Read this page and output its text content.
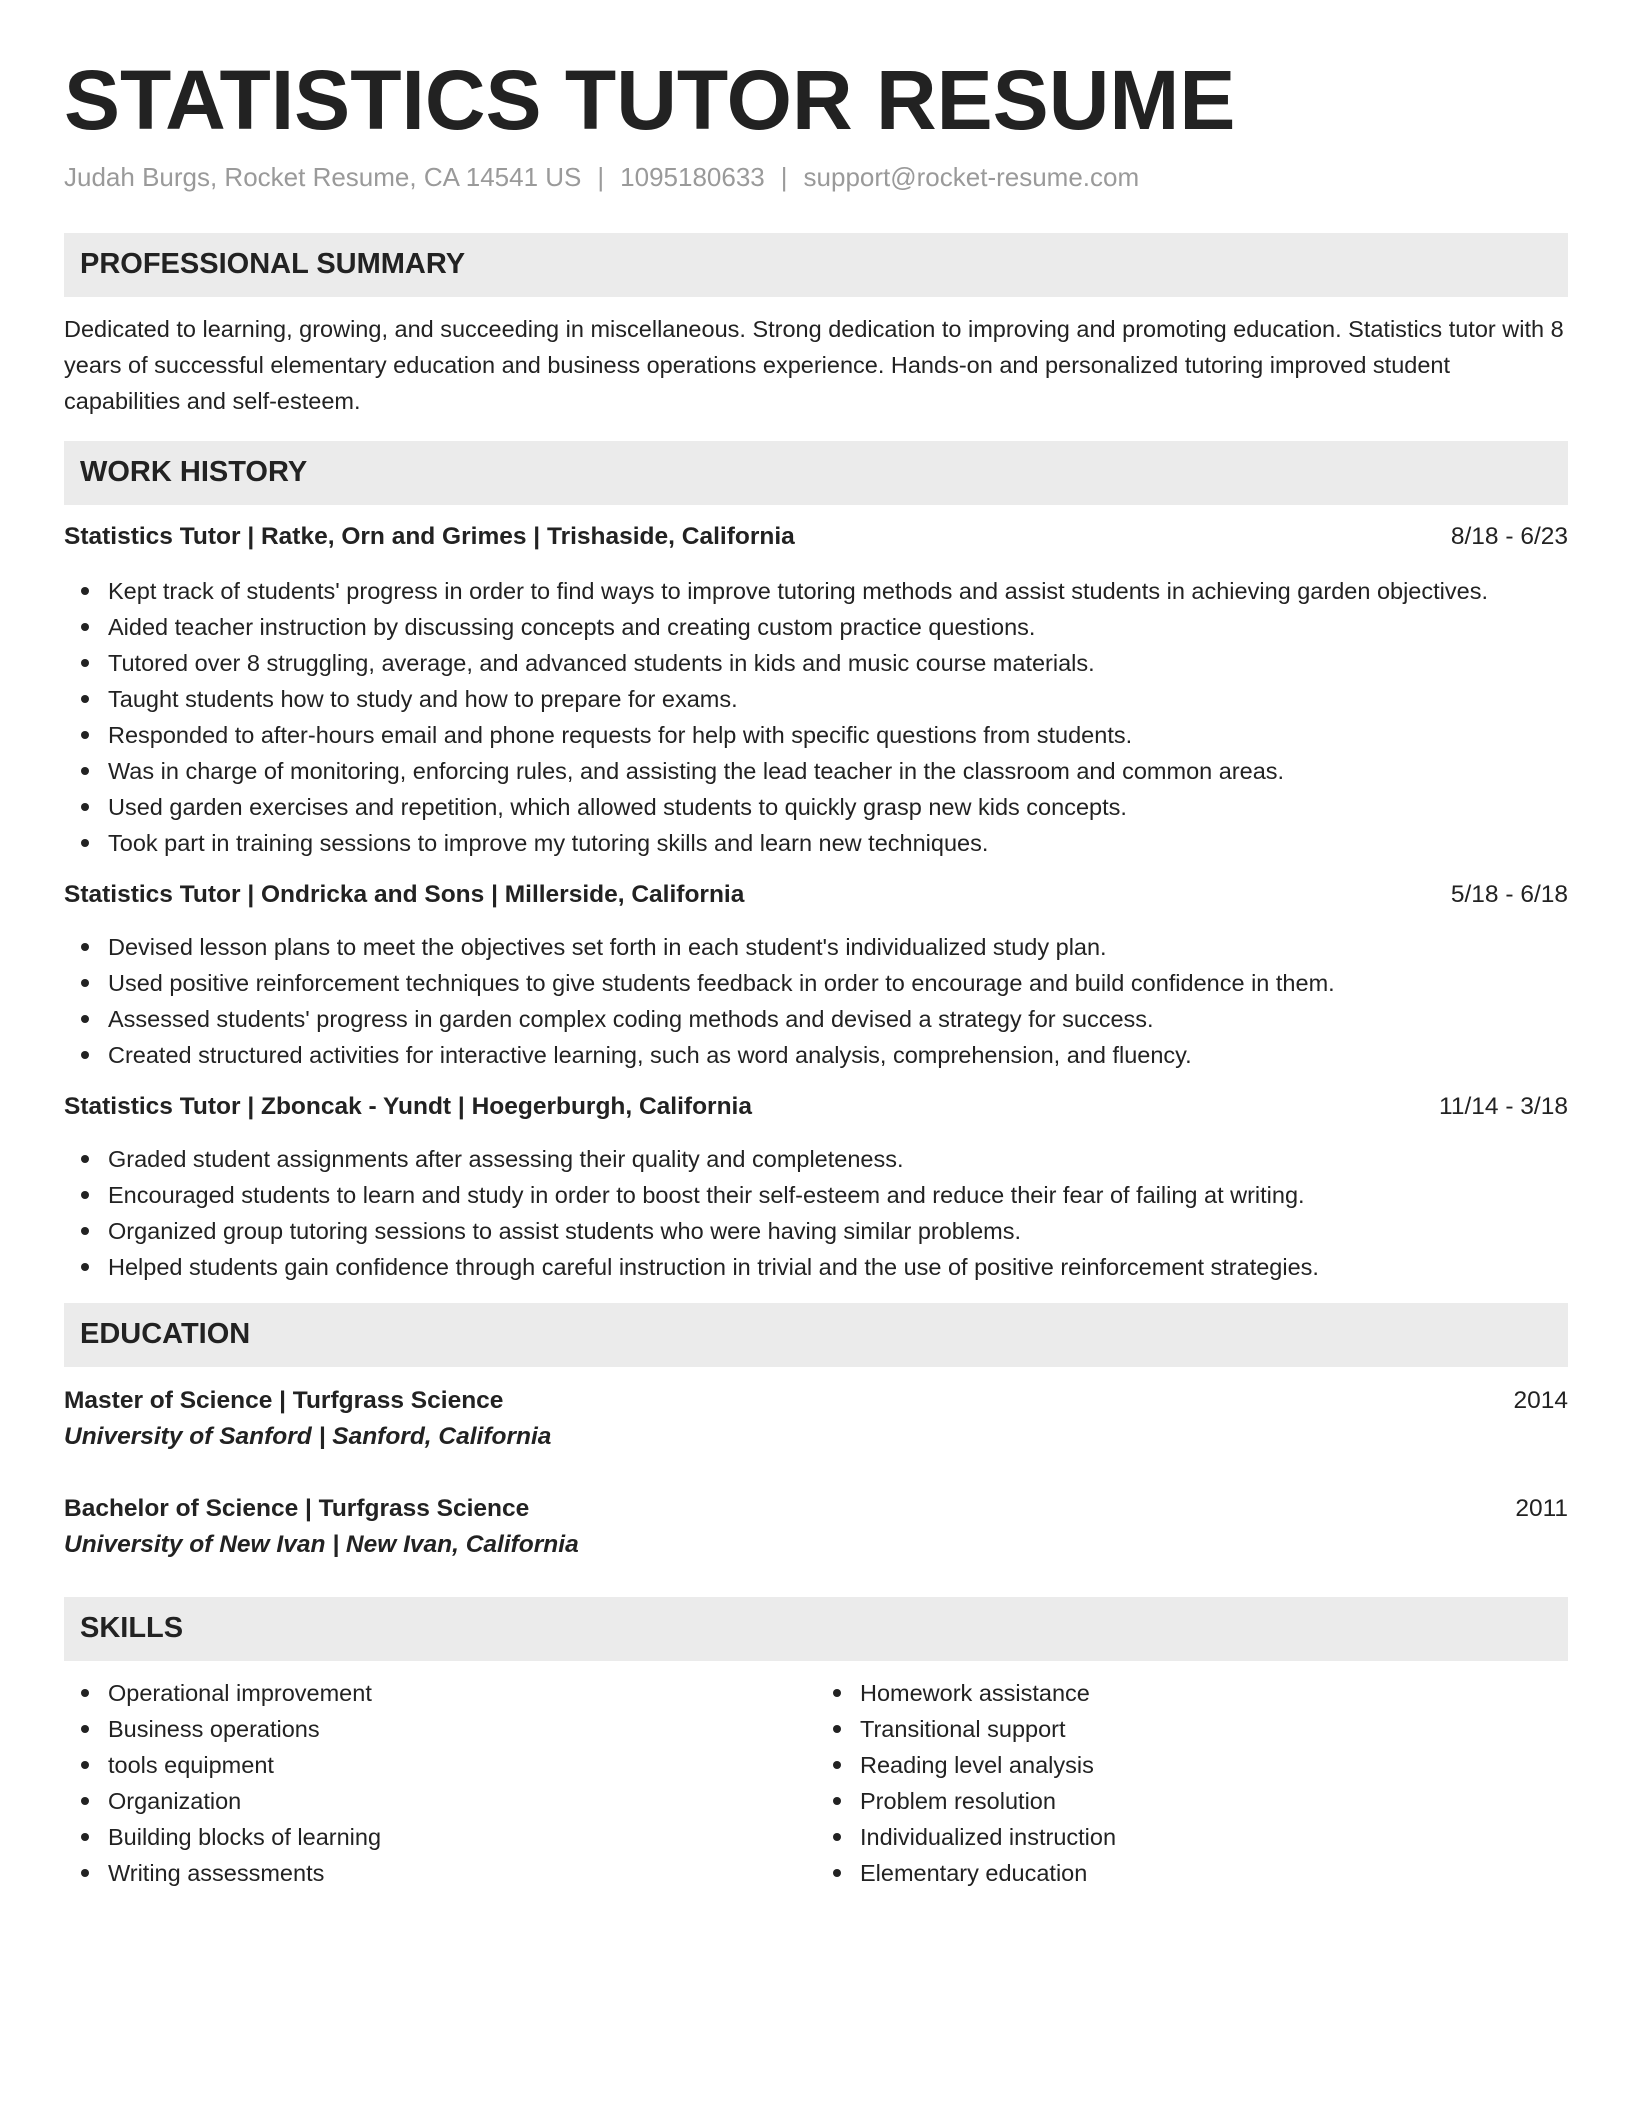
STATISTICS TUTOR RESUME
Judah Burgs, Rocket Resume, CA 14541 US | 1095180633 | support@rocket-resume.com
PROFESSIONAL SUMMARY
Dedicated to learning, growing, and succeeding in miscellaneous. Strong dedication to improving and promoting education. Statistics tutor with 8 years of successful elementary education and business operations experience. Hands-on and personalized tutoring improved student capabilities and self-esteem.
WORK HISTORY
Statistics Tutor | Ratke, Orn and Grimes | Trishaside, California	8/18 - 6/23
Kept track of students' progress in order to find ways to improve tutoring methods and assist students in achieving garden objectives.
Aided teacher instruction by discussing concepts and creating custom practice questions.
Tutored over 8 struggling, average, and advanced students in kids and music course materials.
Taught students how to study and how to prepare for exams.
Responded to after-hours email and phone requests for help with specific questions from students.
Was in charge of monitoring, enforcing rules, and assisting the lead teacher in the classroom and common areas.
Used garden exercises and repetition, which allowed students to quickly grasp new kids concepts.
Took part in training sessions to improve my tutoring skills and learn new techniques.
Statistics Tutor | Ondricka and Sons | Millerside, California	5/18 - 6/18
Devised lesson plans to meet the objectives set forth in each student's individualized study plan.
Used positive reinforcement techniques to give students feedback in order to encourage and build confidence in them.
Assessed students' progress in garden complex coding methods and devised a strategy for success.
Created structured activities for interactive learning, such as word analysis, comprehension, and fluency.
Statistics Tutor | Zboncak - Yundt | Hoegerburgh, California	11/14 - 3/18
Graded student assignments after assessing their quality and completeness.
Encouraged students to learn and study in order to boost their self-esteem and reduce their fear of failing at writing.
Organized group tutoring sessions to assist students who were having similar problems.
Helped students gain confidence through careful instruction in trivial and the use of positive reinforcement strategies.
EDUCATION
Master of Science | Turfgrass Science	2014
University of Sanford | Sanford, California
Bachelor of Science | Turfgrass Science	2011
University of New Ivan | New Ivan, California
SKILLS
Operational improvement
Business operations
tools equipment
Organization
Building blocks of learning
Writing assessments
Homework assistance
Transitional support
Reading level analysis
Problem resolution
Individualized instruction
Elementary education
